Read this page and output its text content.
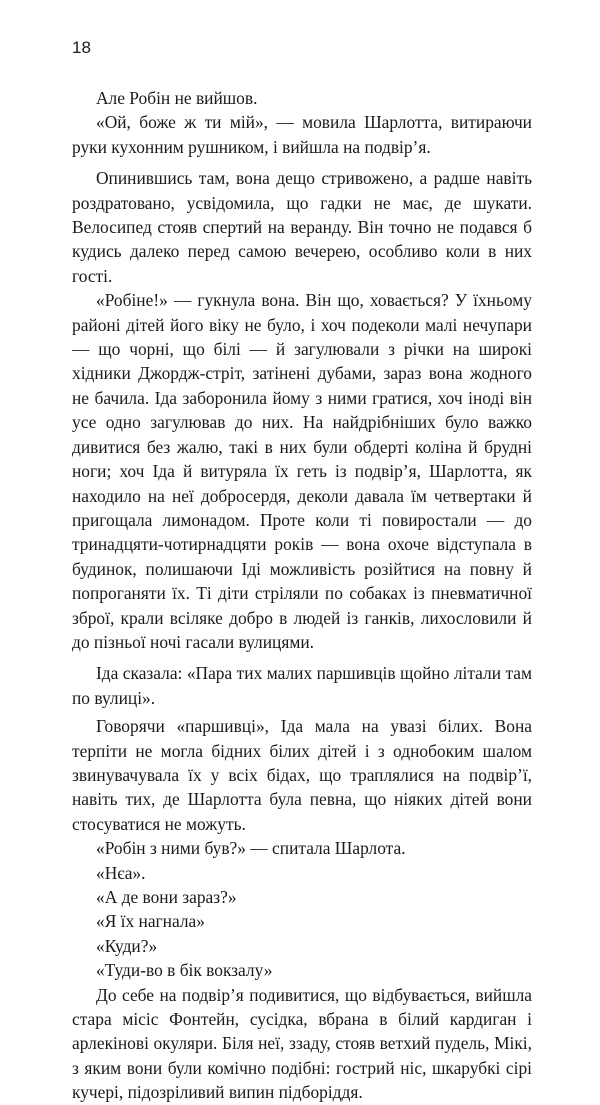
18

Але Робін не вийшов.

«Ой, боже ж ти мій», — мовила Шарлотта, витираючи руки кухонним рушником, і вийшла на подвір’я.

Опинившись там, вона дещо стривожено, а радше навіть роздратовано, усвідомила, що гадки не має, де шукати. Велосипед стояв спертий на веранду. Він точно не подався б кудись далеко перед самою вечерею, особливо коли в них гості.

«Робіне!» — гукнула вона. Він що, ховається? У їхньому районі дітей його віку не було, і хоч подеколи малі нечупари — що чорні, що білі — й загулювали з річки на широкі хідники Джордж-стріт, затінені дубами, зараз вона жодного не бачила. Іда заборонила йому з ними гратися, хоч іноді він усе одно загулював до них. На найдрібніших було важко дивитися без жалю, такі в них були обдерті коліна й брудні ноги; хоч Іда й витуряла їх геть із подвір’я, Шарлотта, як находило на неї добросердя, деколи давала їм четвертаки й пригощала лимонадом. Проте коли ті повиростали — до тринадцяти-чотирнадцяти років — вона охоче відступала в будинок, полишаючи Іді можливість розійтися на повну й попроганяти їх. Ті діти стріляли по собаках із пневматичної зброї, крали всіляке добро в людей із ганків, лихословили й до пізньої ночі гасали вулицями.

Іда сказала: «Пара тих малих паршивців щойно літали там по вулиці».

Говорячи «паршивці», Іда мала на увазі білих. Вона терпіти не могла бідних білих дітей і з однобоким шалом звинувачувала їх у всіх бідах, що траплялися на подвір’ї, навіть тих, де Шарлотта була певна, що ніяких дітей вони стосуватися не можуть.

«Робін з ними був?» — спитала Шарлота.

«Нєа».

«А де вони зараз?»

«Я їх нагнала»

«Куди?»

«Туди-во в бік вокзалу»

До себе на подвір’я подивитися, що відбувається, вийшла стара місіс Фонтейн, сусідка, вбрана в білий кардиган і арлекінові окуляри. Біля неї, ззаду, стояв ветхий пудель, Мікі, з яким вони були комічно подібні: гострий ніс, шкарубкі сірі кучері, підозріливий випин підборіддя.
